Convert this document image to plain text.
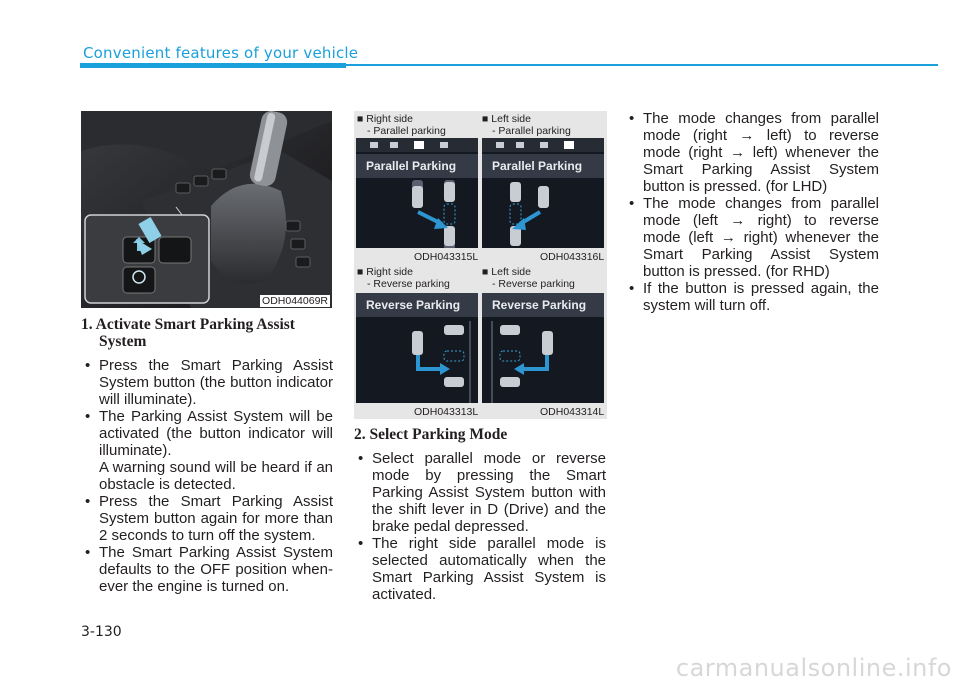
Convenient features of your vehicle
ODH044069R
1. Activate Smart Parking Assist
System

• Press the Smart Parking Assist System button (the button indicator will illuminate).

• The Parking Assist System will be activated (the button indicator will illuminate).

A warning sound will be heard if an obstacle is detected.

• Press the Smart Parking Assist System button again for more than 2 seconds to turn off the system.

• The Smart Parking Assist System defaults to the OFF position when-ever the engine is turned on.

■ Right side
- Parallel parking
■ Left side
- Parallel parking
Parallel Parking	Parallel Parking
ODH043315L	ODH043316L
■ Right side
- Reverse parking
■ Left side
- Reverse parking
Reverse Parking	Reverse Parking
ODH043313L	ODH043314L
2. Select Parking Mode

• Select parallel mode or reverse mode by pressing the Smart Parking Assist System button with the shift lever in D (Drive) and the brake pedal depressed.

• The right side parallel mode is selected automatically when the Smart Parking Assist System is activated.

• The mode changes from parallel mode (right → left) to reverse mode (right → left) whenever the Smart Parking Assist System button is pressed. (for LHD)

• The mode changes from parallel mode (left → right) to reverse mode (left → right) whenever the Smart Parking Assist System button is pressed. (for RHD)

• If the button is pressed again, the system will turn off.

3-130
carmanualsonline.info
